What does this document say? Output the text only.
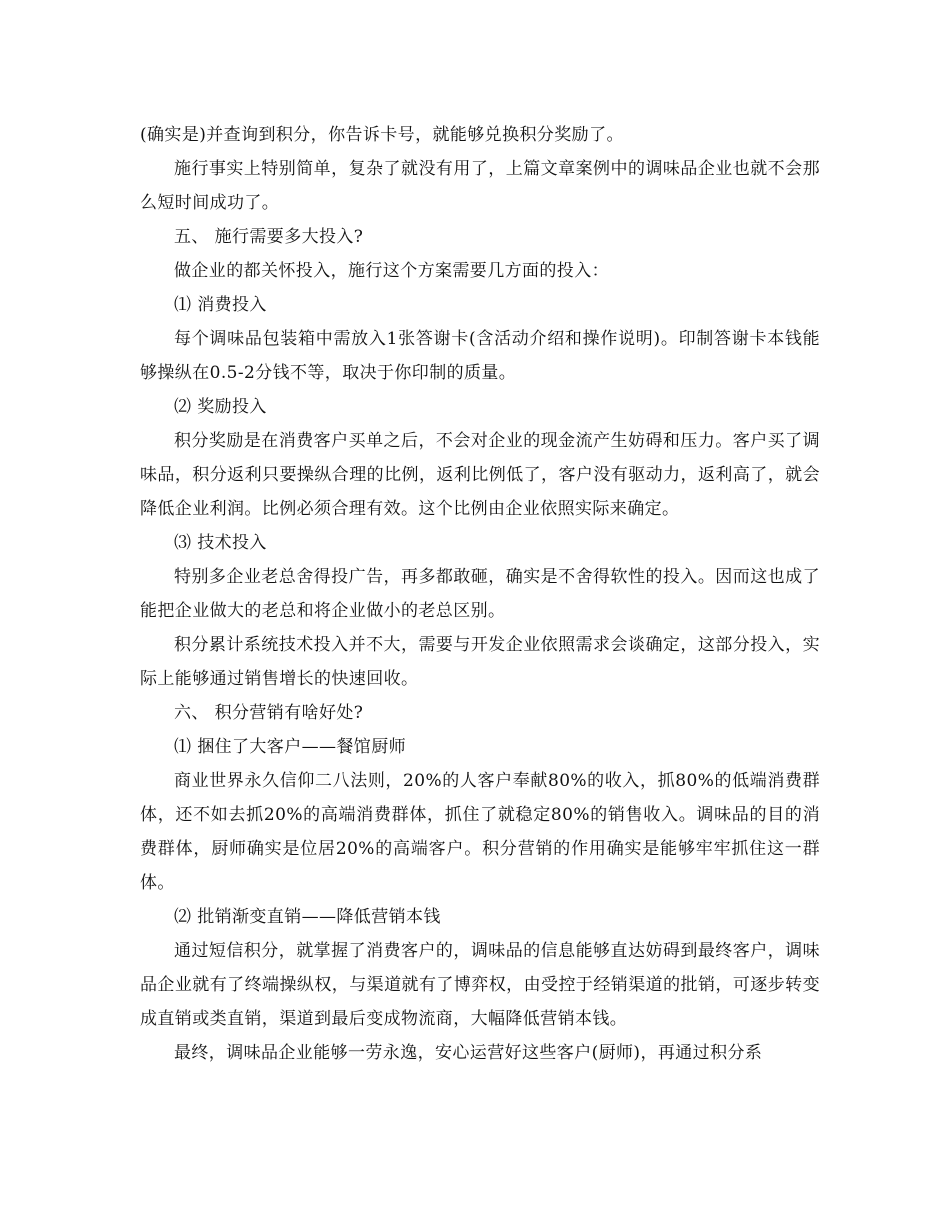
(确实是)并查询到积分，你告诉卡号，就能够兑换积分奖励了。

施行事实上特别简单，复杂了就没有用了，上篇文章案例中的调味品企业也就不会那么短时间成功了。

五、 施行需要多大投入?

做企业的都关怀投入，施行这个方案需要几方面的投入：

⑴ 消费投入

每个调味品包装箱中需放入1张答谢卡(含活动介绍和操作说明)。印制答谢卡本钱能够操纵在0.5-2分钱不等，取决于你印制的质量。

⑵ 奖励投入

积分奖励是在消费客户买单之后，不会对企业的现金流产生妨碍和压力。客户买了调味品，积分返利只要操纵合理的比例，返利比例低了，客户没有驱动力，返利高了，就会降低企业利润。比例必须合理有效。这个比例由企业依照实际来确定。

⑶ 技术投入

特别多企业老总舍得投广告，再多都敢砸，确实是不舍得软性的投入。因而这也成了能把企业做大的老总和将企业做小的老总区别。

积分累计系统技术投入并不大，需要与开发企业依照需求会谈确定，这部分投入，实际上能够通过销售增长的快速回收。

六、 积分营销有啥好处?

⑴ 捆住了大客户——餐馆厨师

商业世界永久信仰二八法则，20%的人客户奉献80%的收入，抓80%的低端消费群体，还不如去抓20%的高端消费群体，抓住了就稳定80%的销售收入。调味品的目的消费群体，厨师确实是位居20%的高端客户。积分营销的作用确实是能够牢牢抓住这一群体。

⑵ 批销渐变直销——降低营销本钱

通过短信积分，就掌握了消费客户的，调味品的信息能够直达妨碍到最终客户，调味品企业就有了终端操纵权，与渠道就有了博弈权，由受控于经销渠道的批销，可逐步转变成直销或类直销，渠道到最后变成物流商，大幅降低营销本钱。

最终，调味品企业能够一劳永逸，安心运营好这些客户(厨师)，再通过积分系
